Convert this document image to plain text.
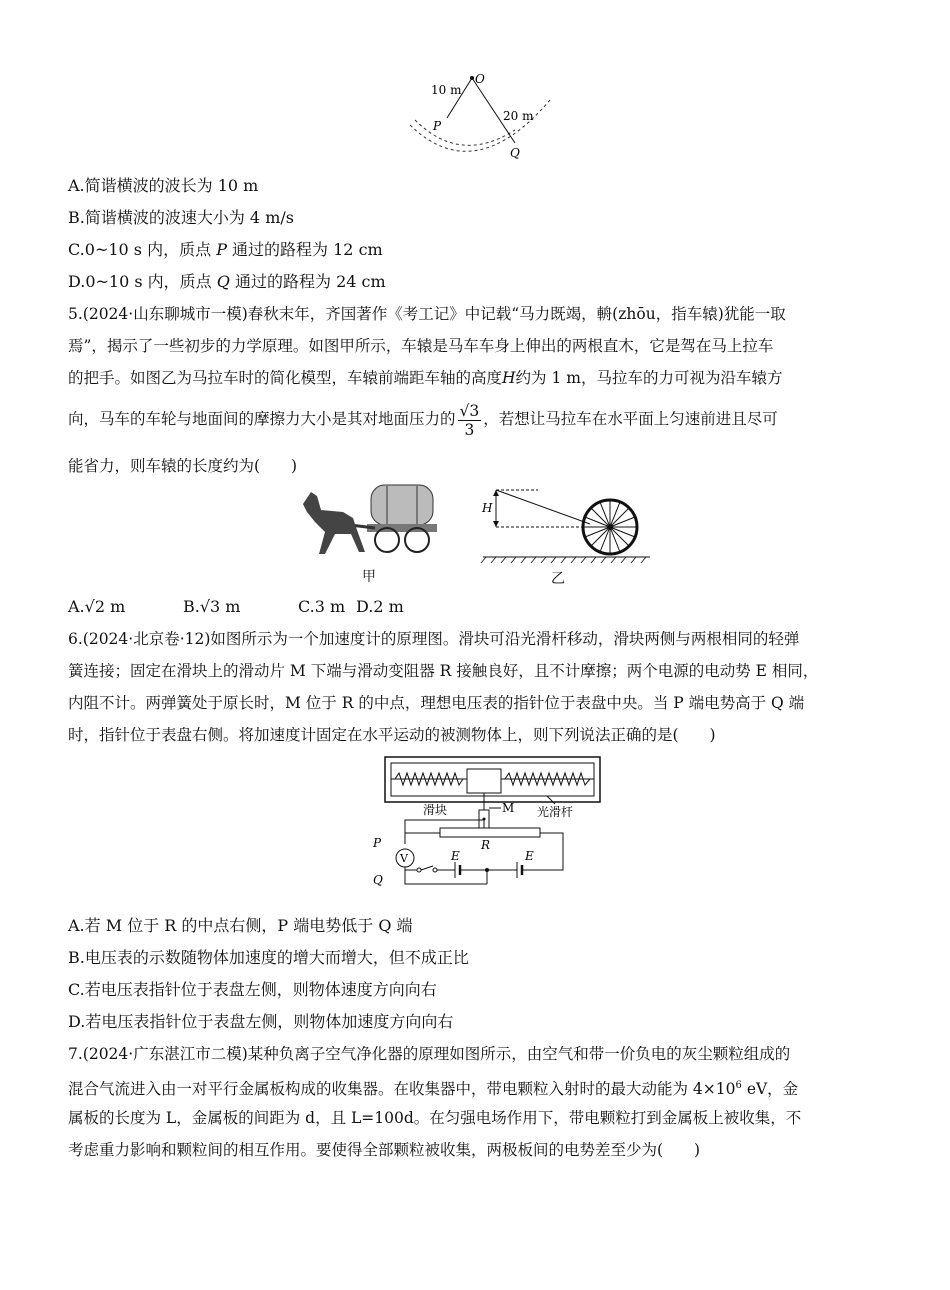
O
P
Q
10 m
20 m
A.简谐横波的波长为 10 m
B.简谐横波的波速大小为 4 m/s
C.0~10 s 内，质点 P 通过的路程为 12 cm
D.0~10 s 内，质点 Q 通过的路程为 24 cm
5.(2024·山东聊城市一模)春秋末年，齐国著作《考工记》中记载“马力既竭，輈(zhōu，指车辕)犹能一取
焉”，揭示了一些初步的力学原理。如图甲所示，车辕是马车车身上伸出的两根直木，它是驾在马上拉车
的把手。如图乙为马拉车时的简化模型，车辕前端距车轴的高度H约为 1 m，马拉车的力可视为沿车辕方
向，马车的车轮与地面间的摩擦力大小是其对地面压力的 $\frac{√3}{3}$ ，若想让马拉车在水平面上匀速前进且尽可
能省力，则车辕的长度约为(　　)
甲
H
乙
A.√2 m	B.√3 m	C.3 m D.2 m
6.(2024·北京卷·12)如图所示为一个加速度计的原理图。滑块可沿光滑杆移动，滑块两侧与两根相同的轻弹
簧连接；固定在滑块上的滑动片 M 下端与滑动变阻器 R 接触良好，且不计摩擦；两个电源的电动势 E 相同，
内阻不计。两弹簧处于原长时，M 位于 R 的中点，理想电压表的指针位于表盘中央。当 P 端电势高于 Q 端
时，指针位于表盘右侧。将加速度计固定在水平运动的被测物体上，则下列说法正确的是(　　)
M
滑块	光滑杆
R
V
P
Q
E	E
A.若 M 位于 R 的中点右侧，P 端电势低于 Q 端
B.电压表的示数随物体加速度的增大而增大，但不成正比
C.若电压表指针位于表盘左侧，则物体速度方向向右
D.若电压表指针位于表盘左侧，则物体加速度方向向右
7.(2024·广东湛江市二模)某种负离子空气净化器的原理如图所示，由空气和带一价负电的灰尘颗粒组成的
混合气流进入由一对平行金属板构成的收集器。在收集器中，带电颗粒入射时的最大动能为 $4\times 10^6$ eV，金
属板的长度为 L，金属板的间距为 d，且 L=100d。在匀强电场作用下，带电颗粒打到金属板上被收集，不
考虑重力影响和颗粒间的相互作用。要使得全部颗粒被收集，两极板间的电势差至少为(　　)
